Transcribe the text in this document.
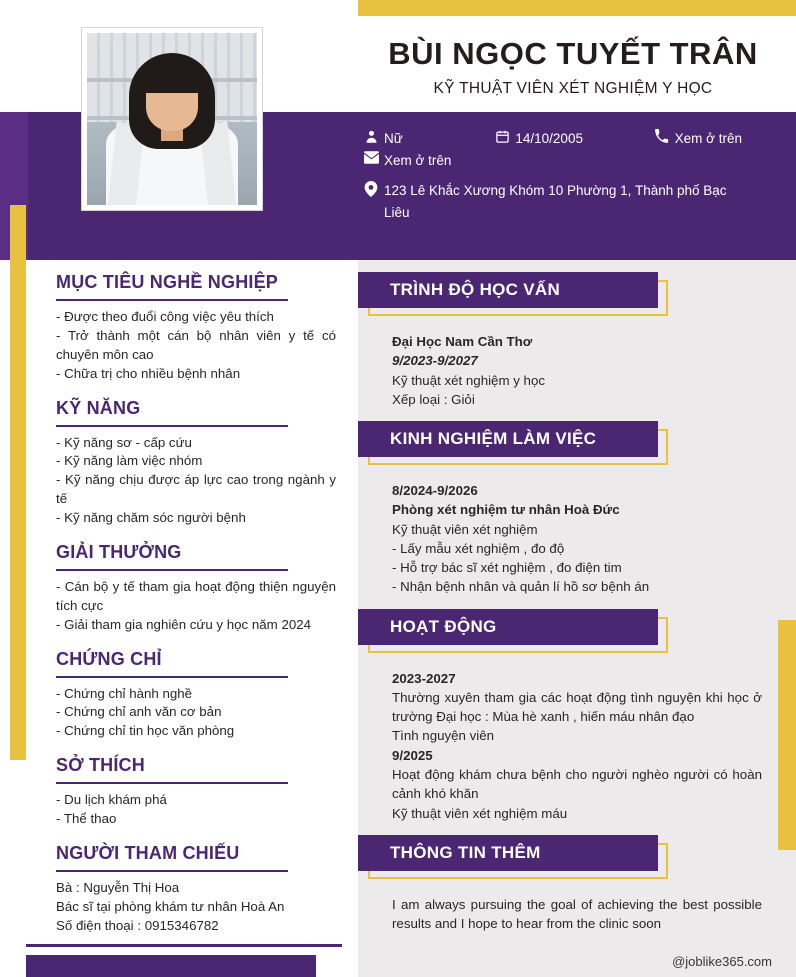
BÙI NGỌC TUYẾT TRÂN
KỸ THUẬT VIÊN XÉT NGHIỆM Y HỌC
Nữ	14/10/2005	Xem ở trên
Xem ở trên
123 Lê Khắc Xương Khóm 10 Phường 1, Thành phố Bạc Liêu
MỤC TIÊU NGHỀ NGHIỆP

- Được theo đuổi công việc yêu thích

- Trở thành một cán bộ nhân viên y tế có chuyên môn cao

- Chữa trị cho nhiều bệnh nhân

KỸ NĂNG

- Kỹ năng sơ - cấp cứu

- Kỹ năng làm việc nhóm

- Kỹ năng chịu được áp lực cao trong ngành y tế

- Kỹ năng chăm sóc người bệnh

GIẢI THƯỞNG

- Cán bộ y tế tham gia hoạt động thiện nguyện tích cực

- Giải tham gia nghiên cứu y học năm 2024

CHỨNG CHỈ

- Chứng chỉ hành nghề

- Chứng chỉ anh văn cơ bản

- Chứng chỉ tin học văn phòng

SỞ THÍCH

- Du lịch khám phá

- Thể thao

NGƯỜI THAM CHIẾU

Bà : Nguyễn Thị Hoa

Bác sĩ tại phòng khám tư nhân Hoà An

Số điện thoại : 0915346782

TRÌNH ĐỘ HỌC VẤN

Đại Học Nam Cần Thơ

9/2023-9/2027

Kỹ thuật xét nghiệm y học

Xếp loại : Giỏi

KINH NGHIỆM LÀM VIỆC

8/2024-9/2026

Phòng xét nghiệm tư nhân Hoà Đức

Kỹ thuật viên xét nghiệm

- Lấy mẫu xét nghiệm , đo độ

- Hỗ trợ bác sĩ xét nghiệm , đo điện tim

- Nhận bệnh nhân và quản lí hồ sơ bệnh án

HOẠT ĐỘNG

2023-2027

Thường xuyên tham gia các hoạt động tình nguyện khi học ở trường Đại học : Mùa hè xanh , hiến máu nhân đạo

Tình nguyện viên

9/2025

Hoạt động khám chưa bệnh cho người nghèo người có hoàn cảnh khó khăn

Kỹ thuật viên xét nghiệm máu

THÔNG TIN THÊM

I am always pursuing the goal of achieving the best possible results and I hope to hear from the clinic soon

@joblike365.com
